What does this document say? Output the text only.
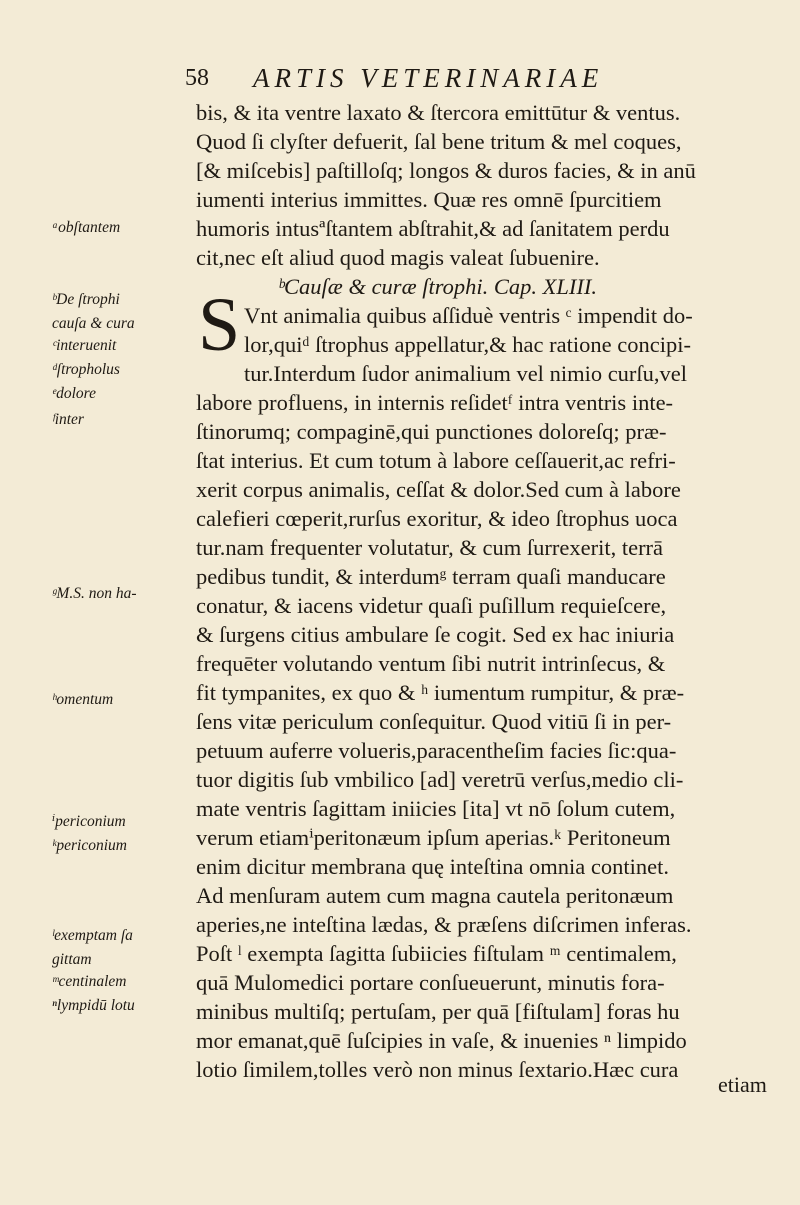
58 ARTIS VETERINARIAE
bis, & ita ventre laxato & ſtercora emittūtur & ventus.
Quod ſi clyſter defuerit, ſal bene tritum & mel coques,
[& miſcebis] paſtilloſq; longos & duros facies, & in anū
iumenti interius immittes. Quæ res omnē ſpurcitiem
humoris intusªſtantem abſtrahit,& ad ſanitatem perdu
cit,nec eſt aliud quod magis valeat ſubuenire.
ᵇCauſæ & curæ ſtrophi. Cap. XLIII.
Vnt animalia quibus aſſiduè ventris ᶜ impendit do-
lor,quiᵈ ſtrophus appellatur,& hac ratione concipi-
tur.Interdum ſudor animalium vel nimio curſu,vel
labore profluens, in internis reſidetᶠ intra ventris inte-
ſtinorumq; compaginē,qui punctiones doloreſq; præ-
ſtat interius. Et cum totum à labore ceſſauerit,ac refri-
xerit corpus animalis, ceſſat & dolor.Sed cum à labore
calefieri cœperit,rurſus exoritur, & ideo ſtrophus uoca
tur.nam frequenter volutatur, & cum ſurrexerit, terrā
pedibus tundit, & interdumᵍ terram quaſi manducare
conatur, & iacens videtur quaſi puſillum requieſcere,
& ſurgens citius ambulare ſe cogit. Sed ex hac iniuria
frequēter volutando ventum ſibi nutrit intrinſecus, &
fit tympanites, ex quo & ʰ iumentum rumpitur, & præ-
ſens vitæ periculum conſequitur. Quod vitiū ſi in per-
petuum auferre volueris,paracentheſim facies ſic:qua-
tuor digitis ſub vmbilico [ad] veretrū verſus,medio cli-
mate ventris ſagittam iniicies [ita] vt nō ſolum cutem,
verum etiamⁱperitonæum ipſum aperias.ᵏ Peritoneum
enim dicitur membrana quę inteſtina omnia continet.
Ad menſuram autem cum magna cautela peritonæum
aperies,ne inteſtina lædas, & præſens diſcrimen inferas.
Poſt ˡ exempta ſagitta ſubiicies fiſtulam ᵐ centimalem,
quā Mulomedici portare conſueuerunt, minutis fora-
minibus multiſq; pertuſam, per quā [fiſtulam] foras hu
mor emanat,quē ſuſcipies in vaſe, & inuenies ⁿ limpido
lotio ſimilem,tolles verò non minus ſextario.Hæc cura
S
etiam
ᵃobſtantem
ᵇDe ſtrophi
cauſa & cura
ᶜinteruenit
ᵈſtropholus
ᵉdolore
ᶠinter
ᵍM.S. non ha-
ʰomentum
ⁱpericonium
ᵏpericonium
ˡexemptam ſa
gittam
ᵐcentinalem
ⁿlympidū lotu
